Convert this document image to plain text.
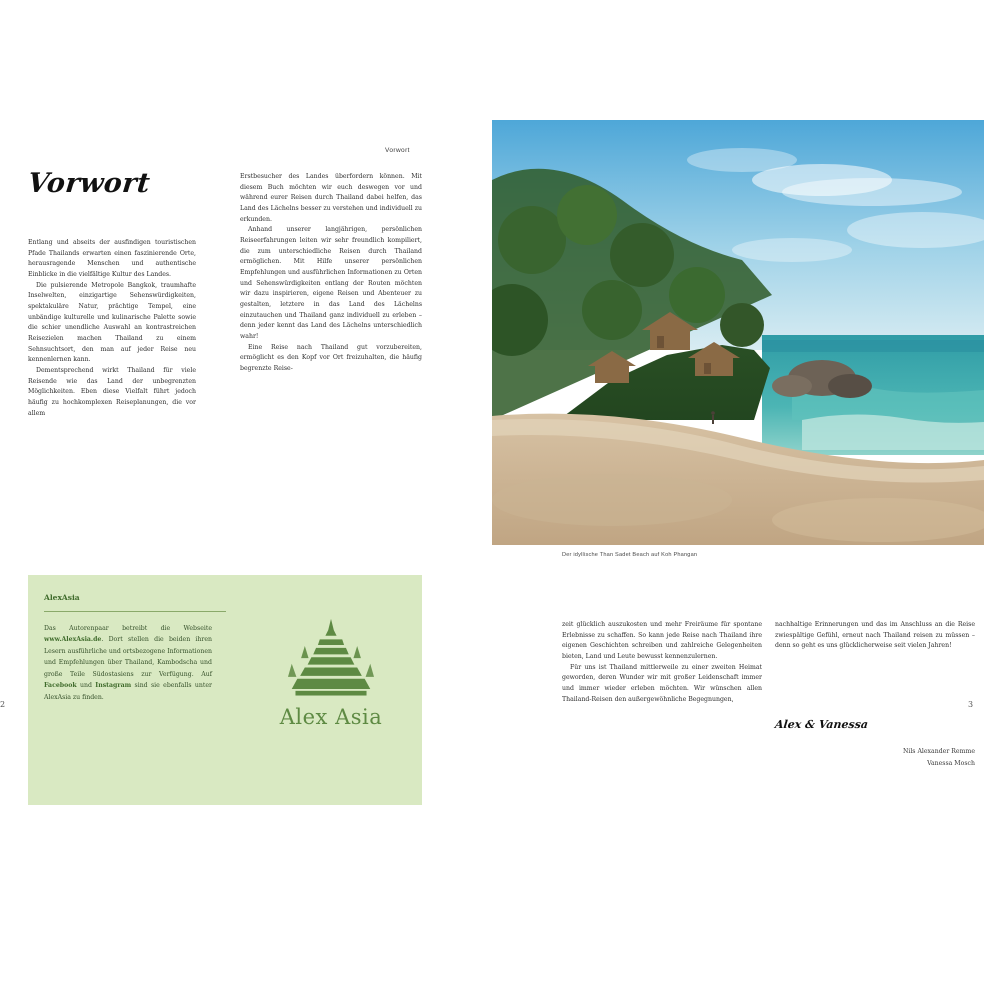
Vorwort
Vorwort

Entlang und abseits der ausfindigen touristischen Pfade Thailands erwarten einen faszinierende Orte, herausragende Menschen und authentische Einblicke in die vielfältige Kultur des Landes.

Die pulsierende Metropole Bangkok, traumhafte Inselwelten, einzigartige Sehenswürdigkeiten, spektakuläre Natur, prächtige Tempel, eine unbändige kulturelle und kulinarische Palette sowie die schier unendliche Auswahl an kontrastreichen Reisezielen machen Thailand zu einem Sehnsuchtsort, den man auf jeder Reise neu kennenlernen kann.

Dementsprechend wirkt Thailand für viele Reisende wie das Land der unbegrenzten Möglichkeiten. Eben diese Vielfalt führt jedoch häufig zu hochkomplexen Reiseplanungen, die vor allem

Erstbesucher des Landes überfordern können. Mit diesem Buch möchten wir euch deswegen vor und während eurer Reisen durch Thailand dabei helfen, das Land des Lächelns besser zu verstehen und individuell zu erkunden.

Anhand unserer langjährigen, persönlichen Reiseerfahrungen leiten wir sehr freundlich kompiliert, die zum unterschiedliche Reisen durch Thailand ermöglichen. Mit Hilfe unserer persönlichen Empfehlungen und ausführlichen Informationen zu Orten und Sehenswürdigkeiten entlang der Routen möchten wir dazu inspirieren, eigene Reisen und Abenteuer zu gestalten, letztere in das Land des Lächelns einzutauchen und Thailand ganz individuell zu erleben – denn jeder kennt das Land des Lächelns unterschiedlich wahr!

Eine Reise nach Thailand gut vorzubereiten, ermöglicht es den Kopf vor Ort freizuhalten, die häufig begrenzte Reise-

AlexAsia
Das Autorenpaar betreibt die Webseite www.AlexAsia.de. Dort stellen die beiden ihren Lesern ausführliche und ortsbezogene Informationen und Empfehlungen über Thailand, Kambodscha und große Teile Südostasiens zur Verfügung. Auf Facebook und Instagram sind sie ebenfalls unter AlexAsia zu finden.
Alex Asia
Der idyllische Than Sadet Beach auf Koh Phangan

zeit glücklich auszukosten und mehr Freiräume für spontane Erlebnisse zu schaffen. So kann jede Reise nach Thailand ihre eigenen Geschichten schreiben und zahlreiche Gelegenheiten bieten, Land und Leute bewusst kennenzulernen.

Für uns ist Thailand mittlerweile zu einer zweiten Heimat geworden, deren Wunder wir mit großer Leidenschaft immer und immer wieder erleben möchten. Wir wünschen allen Thailand-Reisen den außergewöhnliche Begegnungen,

nachhaltige Erinnerungen und das im Anschluss an die Reise zwiespältige Gefühl, erneut nach Thailand reisen zu müssen – denn so geht es uns glücklicherweise seit vielen Jahren!

Alex & Vanessa
Nils Alexander Remme
Vanessa Mosch
2	3
